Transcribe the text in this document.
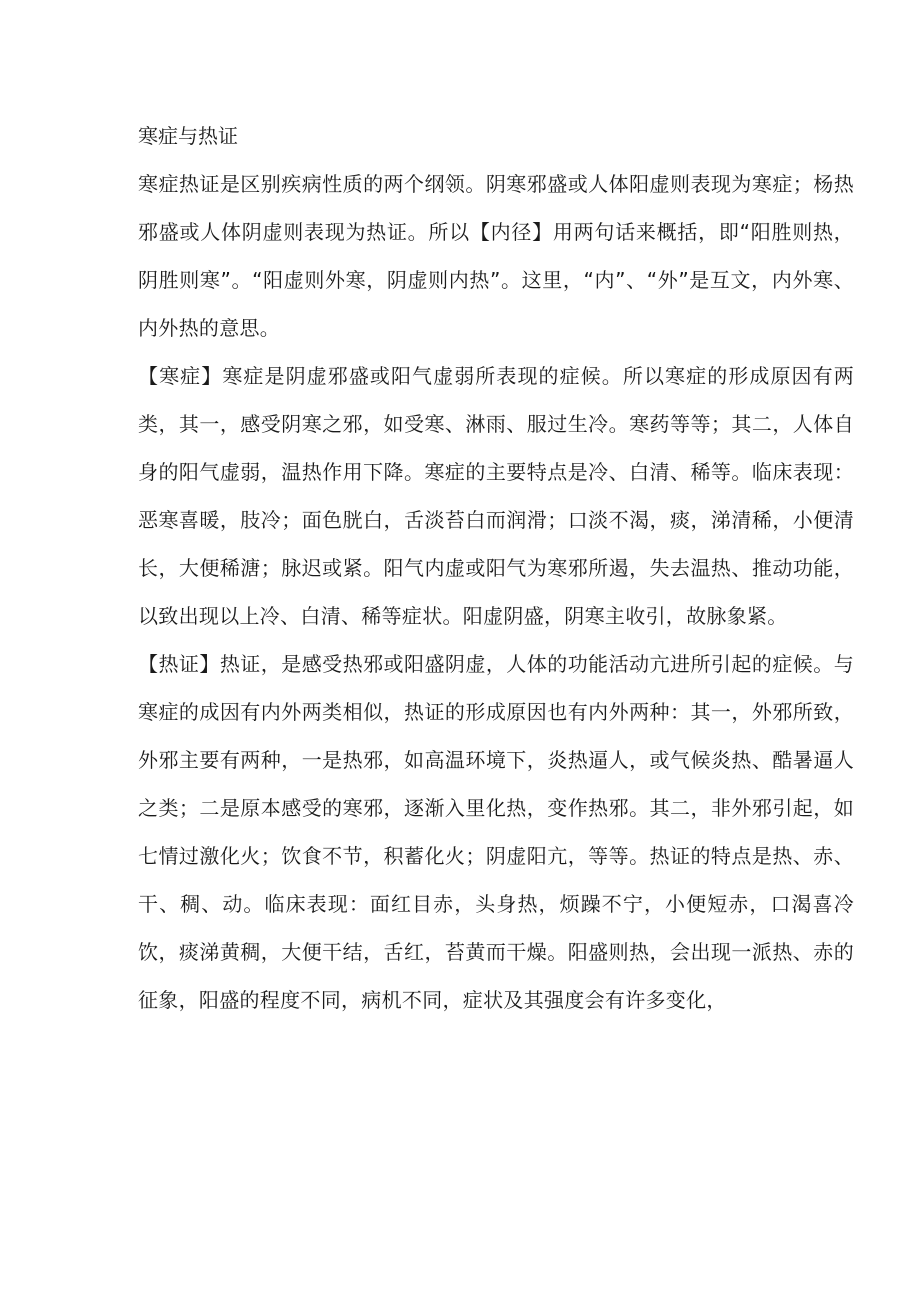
寒症与热证

寒症热证是区别疾病性质的两个纲领。阴寒邪盛或人体阳虚则表现为寒症；杨热邪盛或人体阴虚则表现为热证。所以【内径】用两句话来概括，即“阳胜则热，阴胜则寒”。“阳虚则外寒，阴虚则内热”。这里，“内”、“外”是互文，内外寒、内外热的意思。

【寒症】寒症是阴虚邪盛或阳气虚弱所表现的症候。所以寒症的形成原因有两类，其一，感受阴寒之邪，如受寒、淋雨、服过生冷。寒药等等；其二，人体自身的阳气虚弱，温热作用下降。寒症的主要特点是冷、白清、稀等。临床表现：恶寒喜暖，肢冷；面色胱白，舌淡苔白而润滑；口淡不渴，痰，涕清稀，小便清长，大便稀溏；脉迟或紧。阳气内虚或阳气为寒邪所遏，失去温热、推动功能，以致出现以上冷、白清、稀等症状。阳虚阴盛，阴寒主收引，故脉象紧。

【热证】热证，是感受热邪或阳盛阴虚，人体的功能活动亢进所引起的症候。与寒症的成因有内外两类相似，热证的形成原因也有内外两种：其一，外邪所致，外邪主要有两种，一是热邪，如高温环境下，炎热逼人，或气候炎热、酷暑逼人之类；二是原本感受的寒邪，逐渐入里化热，变作热邪。其二，非外邪引起，如七情过激化火；饮食不节，积蓄化火；阴虚阳亢，等等。热证的特点是热、赤、干、稠、动。临床表现：面红目赤，头身热，烦躁不宁，小便短赤，口渴喜冷饮，痰涕黄稠，大便干结，舌红，苔黄而干燥。阳盛则热，会出现一派热、赤的征象，阳盛的程度不同，病机不同，症状及其强度会有许多变化，
